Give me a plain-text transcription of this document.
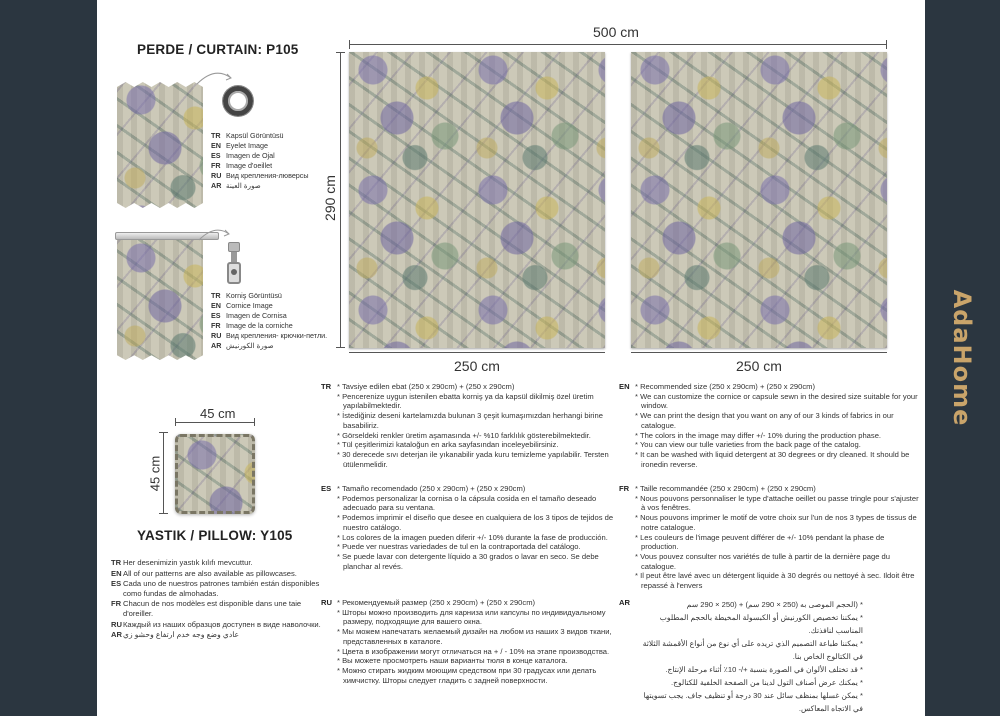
PERDE / CURTAIN: P105
TR Kapsül Görüntüsü
EN Eyelet Image
ES Imagen de Ojal
FR Image d'oeillet
RU Вид крепления-люверсы
AR صورة العينة
TR Korniş Görüntüsü
EN Cornice Image
ES Imagen de Cornisa
FR Image de la corniche
RU Вид крепления- крючки-петли.
AR صورة الكورنيش
45 cm
45 cm
YASTIK / PILLOW: Y105
TR Her desenimizin yastık kılıfı mevcuttur.
EN All of our patterns are also available as pillowcases.
ES Cada uno de nuestros patrones también están disponibles como fundas de almohadas.
FR Chacun de nos modèles est disponible dans une taie d'oreiller.
RU Каждый из наших образцов доступен в виде наволочки.
AR عادي وضع وجه خدم ارتفاع وحشو زي
500 cm
290 cm
250 cm	250 cm
TR * Tavsiye edilen ebat (250 x 290cm) + (250 x 290cm)
* Pencerenize uygun istenilen ebatta korniş ya da kapsül dikilmiş özel üretim yapılabilmektedir.
* İstediğiniz deseni kartelamızda bulunan 3 çeşit kumaşımızdan herhangi birine basabiliriz.
* Görseldeki renkler üretim aşamasında +/- %10 farklılık gösterebilmektedir.
* Tül çeşitlerimizi kataloğun en arka sayfasından inceleyebilirsiniz.
* 30 derecede sıvı deterjan ile yıkanabilir yada kuru temizleme yapılabilir. Tersten ütülenmelidir.
EN * Recommended size (250 x 290cm) + (250 x 290cm)
* We can customize the cornice or capsule sewn in the desired size suitable for your window.
* We can print the design that you want on any of our 3 kinds of fabrics in our catalogue.
* The colors in the image may differ +/- 10% during the production phase.
* You can view our tulle varieties from the back page of the catalog.
* It can be washed with liquid detergent at 30 degrees or dry cleaned. It should be ironedin reverse.
ES * Tamaño recomendado (250 x 290cm) + (250 x 290cm)
* Podemos personalizar la cornisa o la cápsula cosida en el tamaño deseado adecuado para su ventana.
* Podemos imprimir el diseño que desee en cualquiera de los 3 tipos de tejidos de nuestro catálogo.
* Los colores de la imagen pueden diferir +/- 10% durante la fase de producción.
* Puede ver nuestras variedades de tul en la contraportada del catálogo.
* Se puede lavar con detergente líquido a 30 grados o lavar en seco. Se debe planchar al revés.
FR * Taille recommandée (250 x 290cm) + (250 x 290cm)
* Nous pouvons personnaliser le type d'attache oeillet ou passe tringle pour s'ajuster à vos fenêtres.
* Nous pouvons imprimer le motif de votre choix sur l'un de nos 3 types de tissus de notre catalogue.
* Les couleurs de l'image peuvent différer de +/- 10% pendant la phase de production.
* Vous pouvez consulter nos variétés de tulle à partir de la dernière page du catalogue.
* Il peut être lavé avec un détergent liquide à 30 degrés ou nettoyé à sec. Ildoit être repassé à l'envers
RU * Рекомендуемый размер (250 x 290cm) + (250 x 290cm)
* Шторы можно производить для карниза или капсулы по индивидуальному размеру, подходящие для вашего окна.
* Мы можем напечатать желаемый дизайн на любом из наших 3 видов ткани, представленных в каталоге.
* Цвета в изображении могут отличаться на + / - 10% на этапе производства.
* Вы можете просмотреть наши варианты тюля в конце каталога.
* Можно стирать жидким моющим средством при 30 градусах или делать химчистку. Шторы следует гладить с задней поверхности.
AR	* (الحجم الموصى به (250 × 290 سم) + (250 × 290 سم
* يمكننا تخصيص الكورنيش أو الكبسولة المخيطة بالحجم المطلوب المناسب لنافذتك.
* يمكننا طباعة التصميم الذي تريده على أي نوع من أنواع الأقمشة الثلاثة في الكتالوج الخاص بنا.
* قد تختلف الألوان في الصورة بنسبة +/- 10٪ أثناء مرحلة الإنتاج.
* يمكنك عرض أصناف التول لدينا من الصفحة الخلفية للكتالوج.
* يمكن غسلها بمنظف سائل عند 30 درجة أو تنظيف جاف. يجب تسويتها في الاتجاه المعاكس.
AdaHome
